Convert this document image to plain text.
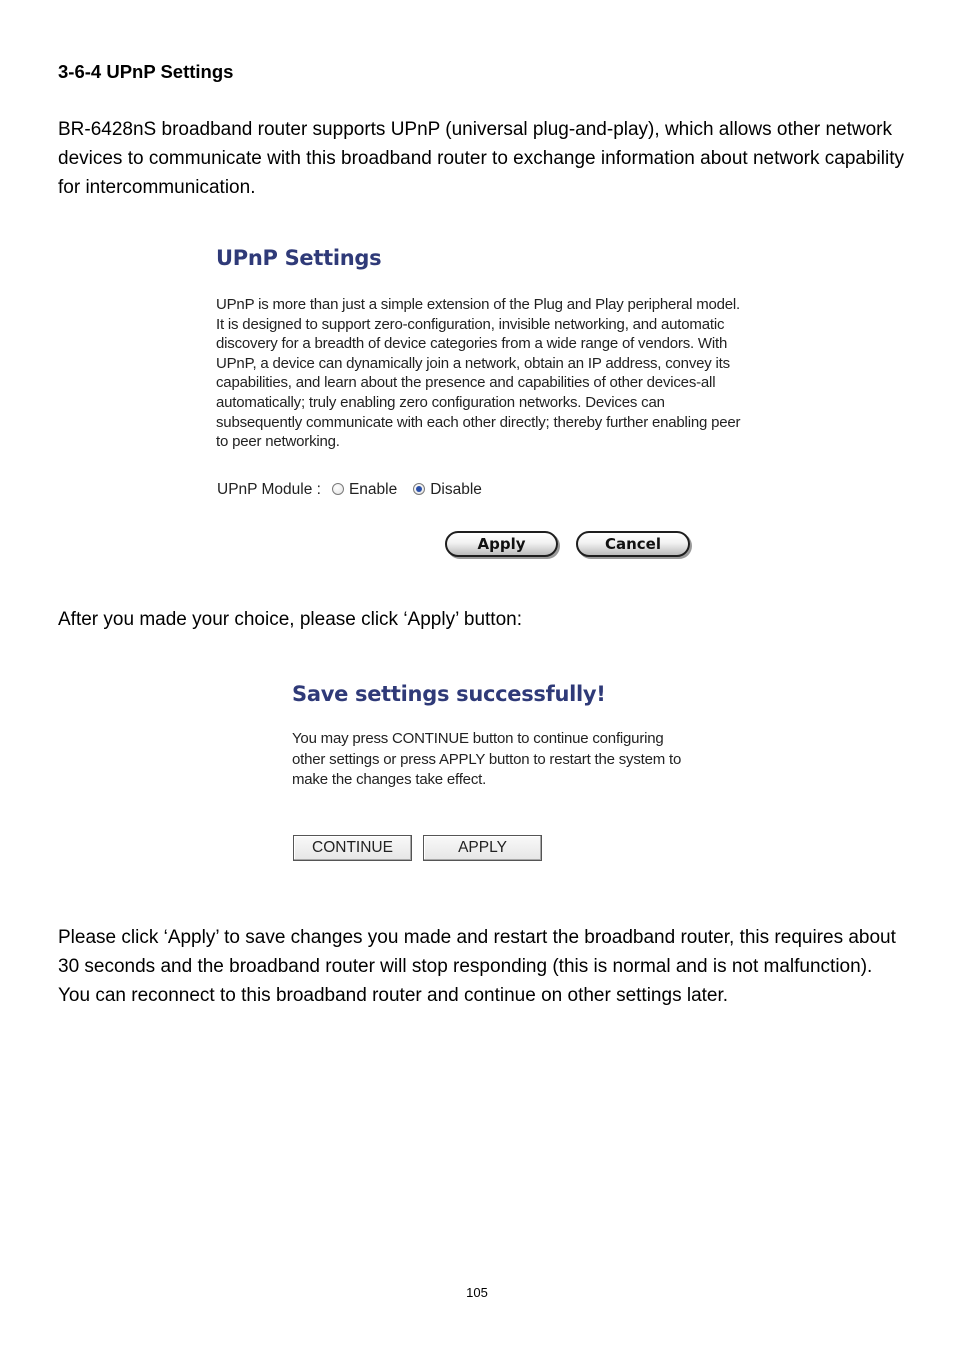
3-6-4 UPnP Settings
BR-6428nS broadband router supports UPnP (universal plug-and-play), which allows other network devices to communicate with this broadband router to exchange information about network capability for intercommunication.
UPnP Settings
UPnP is more than just a simple extension of the Plug and Play peripheral model. It is designed to support zero-configuration, invisible networking, and automatic discovery for a breadth of device categories from a wide range of vendors. With UPnP, a device can dynamically join a network, obtain an IP address, convey its capabilities, and learn about the presence and capabilities of other devices-all automatically; truly enabling zero configuration networks. Devices can subsequently communicate with each other directly; thereby further enabling peer to peer networking.
UPnP Module : Enable Disable
Apply	Cancel
After you made your choice, please click ‘Apply’ button:
Save settings successfully!
You may press CONTINUE button to continue configuring other settings or press APPLY button to restart the system to make the changes take effect.
CONTINUE	APPLY
Please click ‘Apply’ to save changes you made and restart the broadband router, this requires about 30 seconds and the broadband router will stop responding (this is normal and is not malfunction). You can reconnect to this broadband router and continue on other settings later.
105
